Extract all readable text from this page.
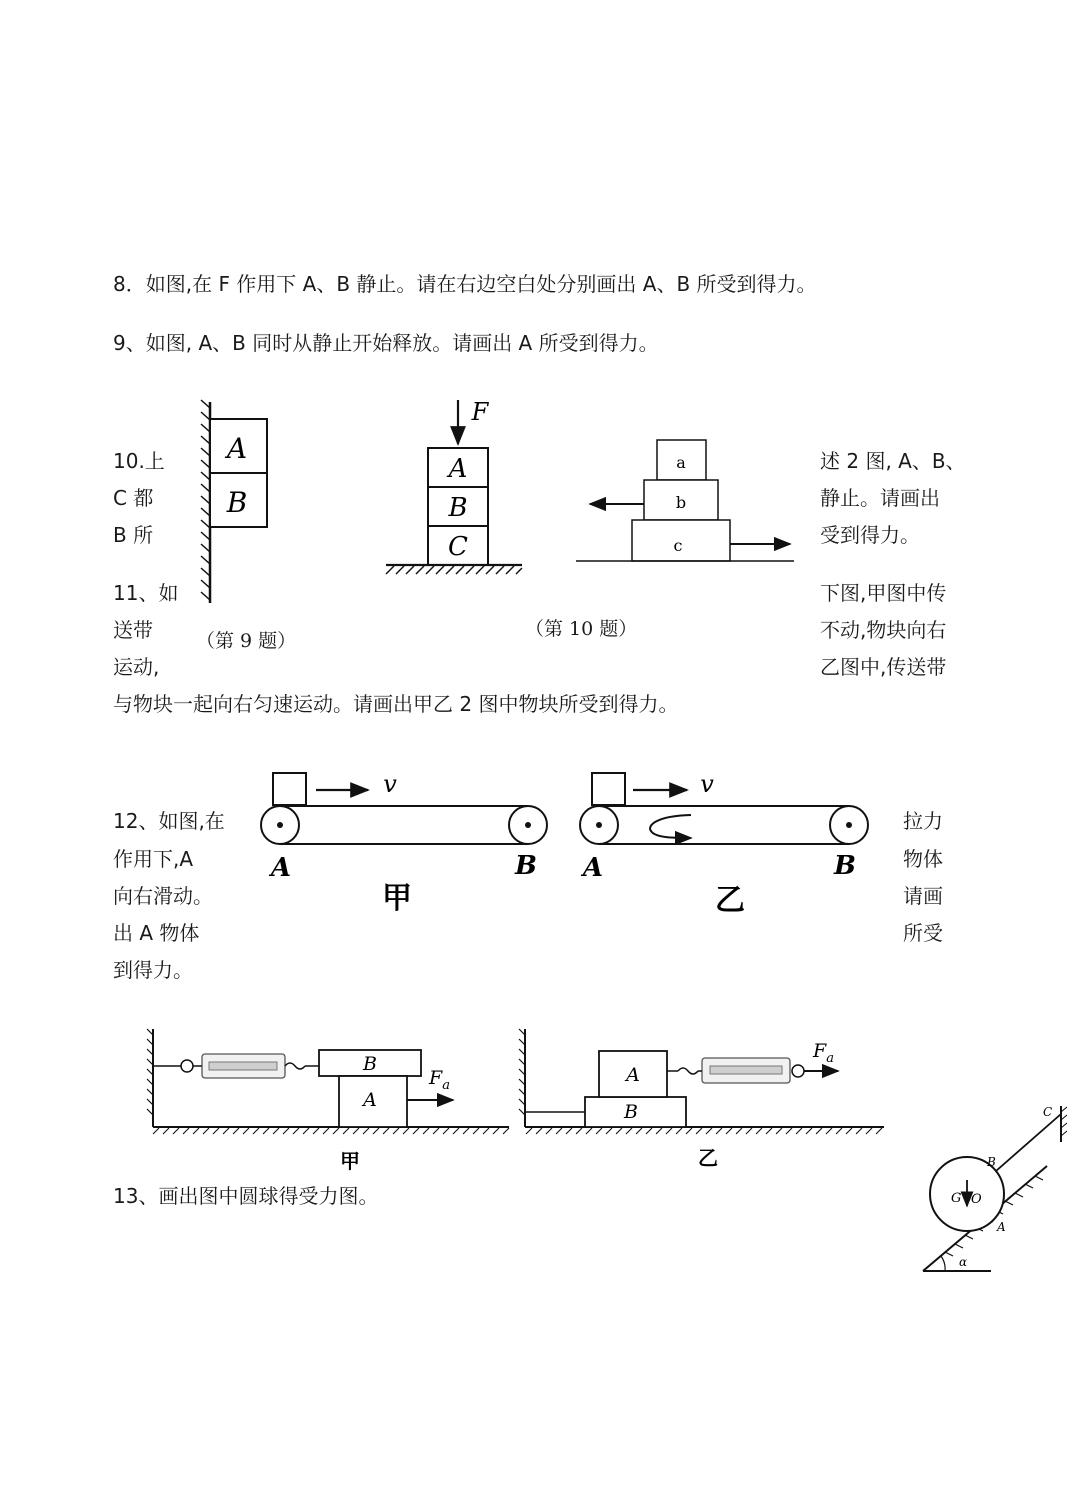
8．如图,在 F 作用下 A、B 静止。请在右边空白处分别画出 A、B 所受到得力。
9、如图, A、B 同时从静止开始释放。请画出 A 所受到得力。
10.上
C 都
B 所
述 2 图, A、B、
静止。请画出
受到得力。
11、如
送带
运动,
下图,甲图中传
不动,物块向右
乙图中,传送带
与物块一起向右匀速运动。请画出甲乙 2 图中物块所受到得力。
12、如图,在
作用下,A
向右滑动。
出 A 物体
到得力。
拉力
物体
请画
所受
13、画出图中圆球得受力图。
（第 9 题）
（第 10 题）
A
B
F
A
B
C
a
b
c
v
A	B
甲
v
A	B
乙
B
A
$F_a$
甲
A
B
$F_a$
乙
α
G O
A
B
C
